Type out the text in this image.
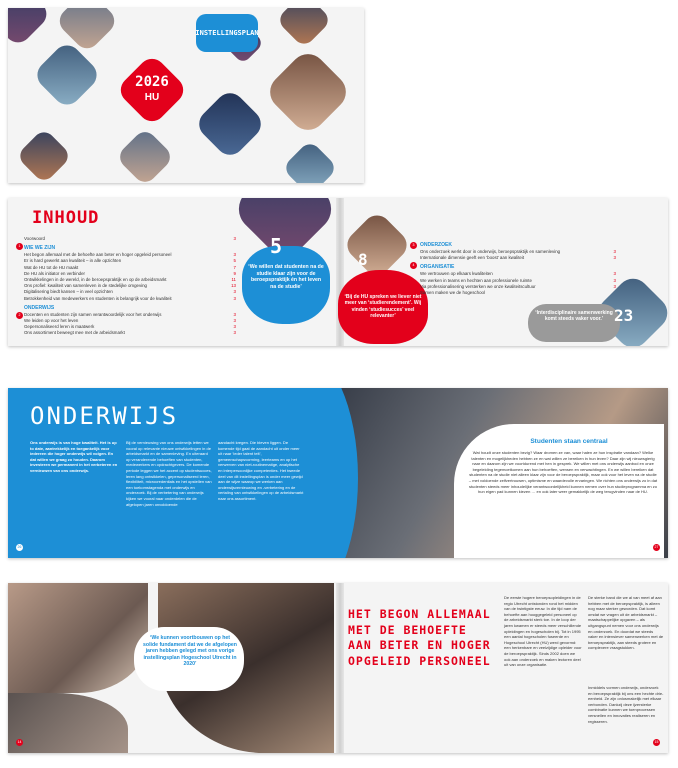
INSTELLINGSPLAN
2026
HU
INHOUD
Voorwoord	3
WIE WE ZIJN
Het begon allemaal met de behoefte aan beter en hoger opgeleid personeel	3
Er is hard gewerkt aan kwaliteit – in alle opzichten	5
Wat de HU tot de HU maakt	7
De HU als initiator en verbinder	9
Ontwikkelingen in de wereld, in de beroepspraktijk en op de arbeidsmarkt	11
Ons profiel: kwaliteit van samenleven in de stedelijke omgeving	13
Digitalisering biedt kansen – in veel opzichten	3
Betrokkenheid van medewerkers en studenten is belangrijk voor de kwaliteit	3
ONDERWIJS
Docenten en studenten zijn samen verantwoordelijk voor het onderwijs	3
We leiden op voor het leven	3
Gepersonaliseerd leren is maatwerk	3
Ons assortiment beweegt mee met de arbeidsmarkt	3
1
2
5
‘We willen dat studenten na de studie klaar zijn voor de beroepspraktijk én het leven na de studie’
8
‘Bij de HU spreken we liever niet meer van ‘studierendement’. Wij vinden ‘studiesucces’ veel relevanter’
ONDERZOEK
Ons onderzoek werkt door in onderwijs, beroepspraktijk en samenleving	3
Internationale dimensie geeft een ‘boost’ aan kwaliteit	3
ORGANISATIE
We vertrouwen op elkaars kwaliteiten	3
We werken in teams en hechten aan professionele ruimte	3
Via professionalisering versterken we onze kwaliteitscultuur	3
Samen maken we de hogeschool
3
4
‘Interdisciplinaire samenwerking komt steeds vaker voor.’ 23
ONDERWIJS
Ons onderwijs is van hoge kwaliteit. Het is up to date, aantrekkelijk en toegankelijk voor iedereen die hoger onderwijs wil volgen. En dat willen we graag zo houden. Daarom investeren we permanent in het verbeteren en vernieuwen van ons onderwijs.
Bij de vernieuwing van ons onderwijs letten we vooral op relevante nieuwe ontwikkelingen in de arbeidsmarkt en de samenleving. En uiteraard op veranderende behoeften van studenten, medewerkers en opdrachtgevers. De komende periode leggen we het accent op studentsucces, leren lang ontwikkelen, gepersonaliseerd leren, flexibiliteit, microcredentials en het opstellen van een toekomstagenda met onderwijs en onderzoek. Bij de verbetering van onderwijs kijken we vooral naar onderdelen die de afgelopen jaren onvoldoende
aandacht kregen. Die bleven liggen. De komende tijd gaat de aandacht uit onder meer uit naar ‘leder talent telt’, gemeenschapsvorming, leerteams en op het verwerven van niet-routinematige, analytische en interpersoonlijke competenties. Het tweede deel van dit instellingsplan is onder meer gewijd aan de wijze waarop we werken aan onderwijsvernieuwing en -verbetering en de vertaling van ontwikkelingen op de arbeidsmarkt naar ons assortiment.
Studenten staan centraal
Wat houdt onze studenten bezig? Waar dromen ze van, waar halen ze hun inspiratie vandaan? Welke talenten en mogelijkheden hebben ze en wat willen ze bereiken in hun leven? Daar zijn wij nieuwsgierig naar en daarom zijn we voortdurend met hen in gesprek. We willen met ons onderwijs aanbod en onze begeleiding tegemoetkomen aan hun behoeften, wensen en verwachtingen. En we willen bereiken dat studenten na de studie niet alleen klaar zijn voor de beroepspraktijk, maar ook voor het leven na de studie – met voldoende zelfvertrouwen, optimisme en waardevolle ervaringen. We richten ons onderwijs zo in dat studenten steeds meer inhoudelijke verantwoordelijkheid kunnen nemen over hun studieprogramma en zo hun eigen pad kunnen kiezen … en ook later weer gemakkelijk de weg terugvinden naar de HU.
26	27
‘We kunnen voortbouwen op het solide fundament dat we de afgelopen jaren hebben gelegd met ons vorige instellingsplan Hogeschool Utrecht in 2020’
HET BEGON ALLEMAAL MET DE BEHOEFTE AAN BETER EN HOGER OPGELEID PERSONEEL
De eerste hogere beroepsopleidingen in de regio Utrecht ontstonden rond het midden van de twintigste eeuw. In die tijd nam de behoefte aan hooggegeleid personeel op de arbeidsmarkt sterk toe. In de loop der jaren kwamen er steeds meer verschillende opleidingen en hogescholen bij. Tot in 1995 een aantal hogescholen fuseerde en Hogeschool Utrecht (HU) werd gevormd: een herkenbare en veelzijdige opleider voor de beroepspraktijk. Sinds 2002 doen we ook aan onderzoek en maken lectoren deel uit van onze organisatie.
De sterke band die we al van meet af aan hebben met de beroepspraktijk, is alleen nog maar sterker geworden. Dat komt omdat we vragen uit de arbeidsmarkt – maatschappelijke opgaven – als uitgangspunt nemen voor ons onderwijs en onderzoek. En doordat we steeds vaker en intensiever samenwerken met de beroepspraktijk, aan steeds grotere en complexere vraagstukken.
Inmiddels vormen onderwijs, onderzoek en beroepspraktijk bij ons een hechte drie-eenheid. Ze zijn onlosmakelijk met elkaar verbonden. Dankzij deze ijzersterke combinatie kunnen we toenprocessen versnellen en innovaties realiseren en regisseren.
14	15
